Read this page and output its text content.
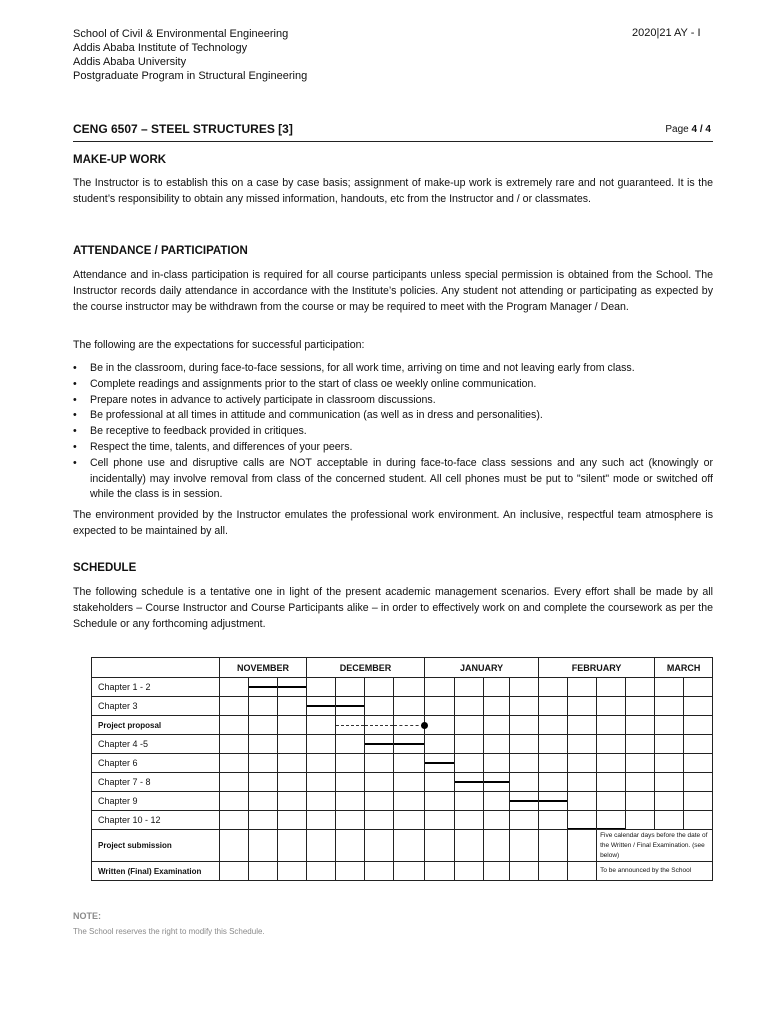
School of Civil & Environmental Engineering
Addis Ababa Institute of Technology
Addis Ababa University
Postgraduate Program in Structural Engineering
2020|21 AY - I
CENG 6507 – STEEL STRUCTURES [3]	Page 4 / 4
MAKE-UP WORK

The Instructor is to establish this on a case by case basis; assignment of make-up work is extremely rare and not guaranteed. It is the student’s responsibility to obtain any missed information, handouts, etc from the Instructor and / or classmates.

ATTENDANCE / PARTICIPATION

Attendance and in-class participation is required for all course participants unless special permission is obtained from the School. The Instructor records daily attendance in accordance with the Institute’s policies. Any student not attending or participating as expected by the course instructor may be withdrawn from the course or may be required to meet with the Program Manager / Dean.

The following are the expectations for successful participation:

• Be in the classroom, during face-to-face sessions, for all work time, arriving on time and not leaving early from class.
• Complete readings and assignments prior to the start of class oe weekly online communication.
• Prepare notes in advance to actively participate in classroom discussions.
• Be professional at all times in attitude and communication (as well as in dress and personalities).
• Be receptive to feedback provided in critiques.
• Respect the time, talents, and differences of your peers.
• Cell phone use and disruptive calls are NOT acceptable in during face-to-face class sessions and any such act (knowingly or incidentally) may involve removal from class of the concerned student. All cell phones must be put to "silent" mode or switched off while the class is in session.

The environment provided by the Instructor emulates the professional work environment. An inclusive, respectful team atmosphere is expected to be maintained by all.

SCHEDULE

The following schedule is a tentative one in light of the present academic management scenarios. Every effort shall be made by all stakeholders – Course Instructor and Course Participants alike – in order to effectively work on and complete the coursework as per the Schedule or any forthcoming adjustment.

	NOVEMBER			DECEMBER				JANUARY				FEBRUARY				MARCH	
Chapter 1 - 2		

Chapter 3				

Project proposal					

Chapter 4 -5						

Chapter 6								

Chapter 7 - 8									

Chapter 9											

Chapter 10 - 12													

Project submission														Five calendar days before the date of the Written / Final Examination. (see below)			
Written (Final) Examination														To be announced by the School			
NOTE:
The School reserves the right to modify this Schedule.
